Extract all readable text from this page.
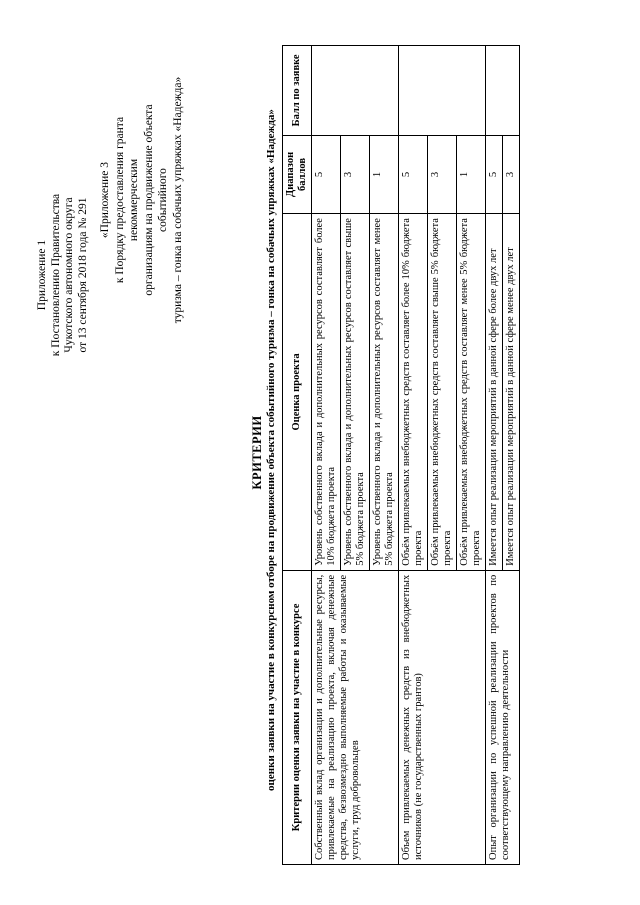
Приложение 1 к Постановлению Правительства Чукотского автономного округа от 13 сентября 2018 года № 291 «Приложение 3 к Порядку предоставления гранта некоммерческим организациям на продвижение объекта событийного туризма – гонка на собачьих упряжках «Надежда»
КРИТЕРИИ оценки заявки на участие в конкурсном отборе на продвижение объекта событийного туризма – гонка на собачьих упряжках «Надежда» Критерии оценки заявки на участие в конкурсе	Оценка проекта	Диапазон баллов	Балл по заявке
Собственный вклад организации и дополнительные ресурсы, привлекаемые на реализацию проекта, включая денежные средства, безвозмездно выполняемые работы и оказываемые услуги, труд добровольцев	Уровень собственного вклада и дополнительных ресурсов составляет более 10% бюджета проекта	5	
	Уровень собственного вклада и дополнительных ресурсов составляет свыше 5% бюджета проекта	3	
	Уровень собственного вклада и дополнительных ресурсов составляет менее 5% бюджета проекта	1	
Объем привлекаемых денежных средств из внебюджетных источников (не государственных грантов)	Объём привлекаемых внебюджетных средств составляет более 10% бюджета проекта	5	
	Объём привлекаемых внебюджетных средств составляет свыше 5% бюджета проекта	3	
	Объём привлекаемых внебюджетных средств составляет менее 5% бюджета проекта	1	
Опыт организации по успешной реализации проектов по соответствующему направлению деятельности	Имеется опыт реализации мероприятий в данной сфере более двух лет	5	
	Имеется опыт реализации мероприятий в данной сфере менее двух лет	3	
